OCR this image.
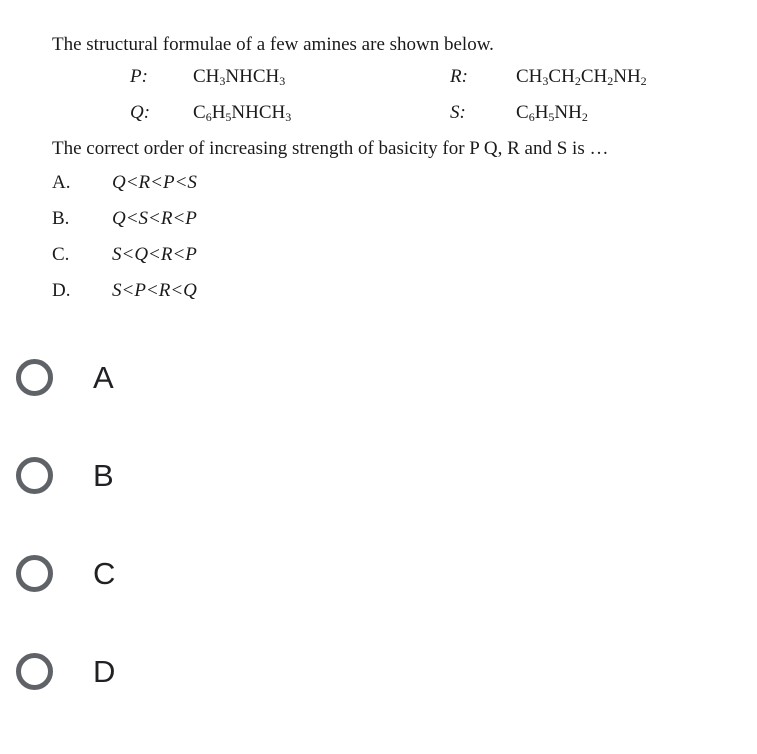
The structural formulae of a few amines are shown below.
P: $CH_3NHCH_3$	R:	$CH_3CH_2CH_2NH_2$
Q: $C_6H_5NHCH_3$	S:	$C_6H_5NH_2$
The correct order of increasing strength of basicity for P Q, R and S is …
A. Q<R<P<S
B. Q<S<R<P
C. S<Q<R<P
D. S<P<R<Q
A
B
C
D
